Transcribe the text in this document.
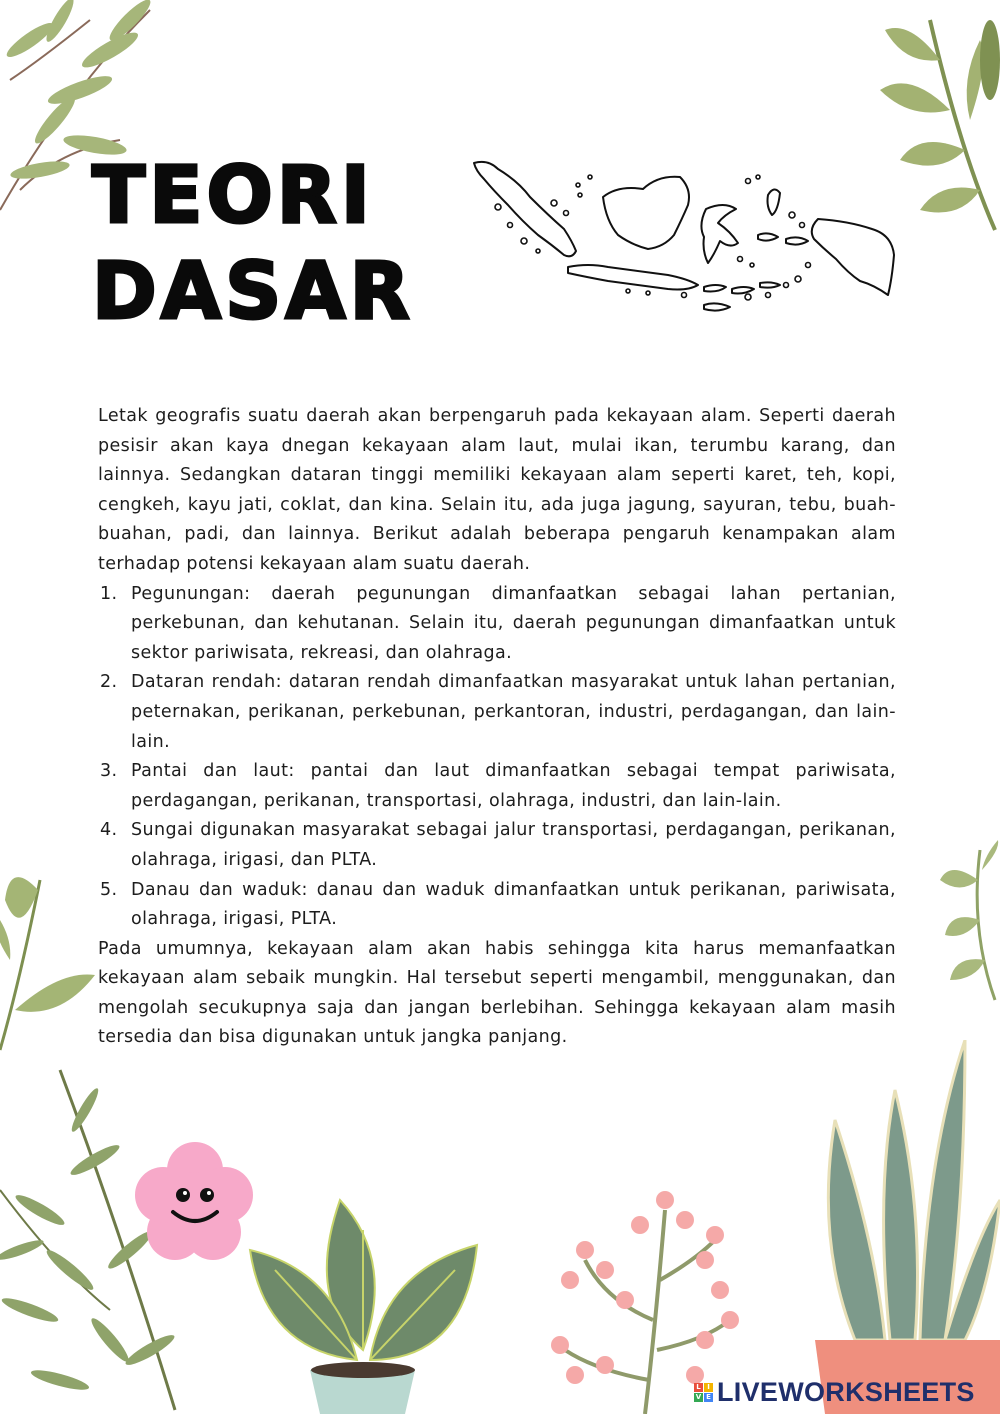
TEORI
DASAR

Letak geografis suatu daerah akan berpengaruh pada kekayaan alam. Seperti daerah pesisir akan kaya dnegan kekayaan alam laut, mulai ikan, terumbu karang, dan lainnya. Sedangkan dataran tinggi memiliki kekayaan alam seperti karet, teh, kopi, cengkeh, kayu jati, coklat, dan kina. Selain itu, ada juga jagung, sayuran, tebu, buah-buahan, padi, dan lainnya. Berikut adalah beberapa pengaruh kenampakan alam terhadap potensi kekayaan alam suatu daerah.

1. Pegunungan: daerah pegunungan dimanfaatkan sebagai lahan pertanian, perkebunan, dan kehutanan. Selain itu, daerah pegunungan dimanfaatkan untuk sektor pariwisata, rekreasi, dan olahraga.
2. Dataran rendah: dataran rendah dimanfaatkan masyarakat untuk lahan pertanian, peternakan, perikanan, perkebunan, perkantoran, industri, perdagangan, dan lain-lain.
3. Pantai dan laut: pantai dan laut dimanfaatkan sebagai tempat pariwisata, perdagangan, perikanan, transportasi, olahraga, industri, dan lain-lain.
4. Sungai digunakan masyarakat sebagai jalur transportasi, perdagangan, perikanan, olahraga, irigasi, dan PLTA.
5. Danau dan waduk: danau dan waduk dimanfaatkan untuk perikanan, pariwisata, olahraga, irigasi, PLTA.

Pada umumnya, kekayaan alam akan habis sehingga kita harus memanfaatkan kekayaan alam sebaik mungkin. Hal tersebut seperti mengambil, menggunakan, dan mengolah secukupnya saja dan jangan berlebihan. Sehingga kekayaan alam masih tersedia dan bisa digunakan untuk jangka panjang.

L I
V E LIVEWORKSHEETS
